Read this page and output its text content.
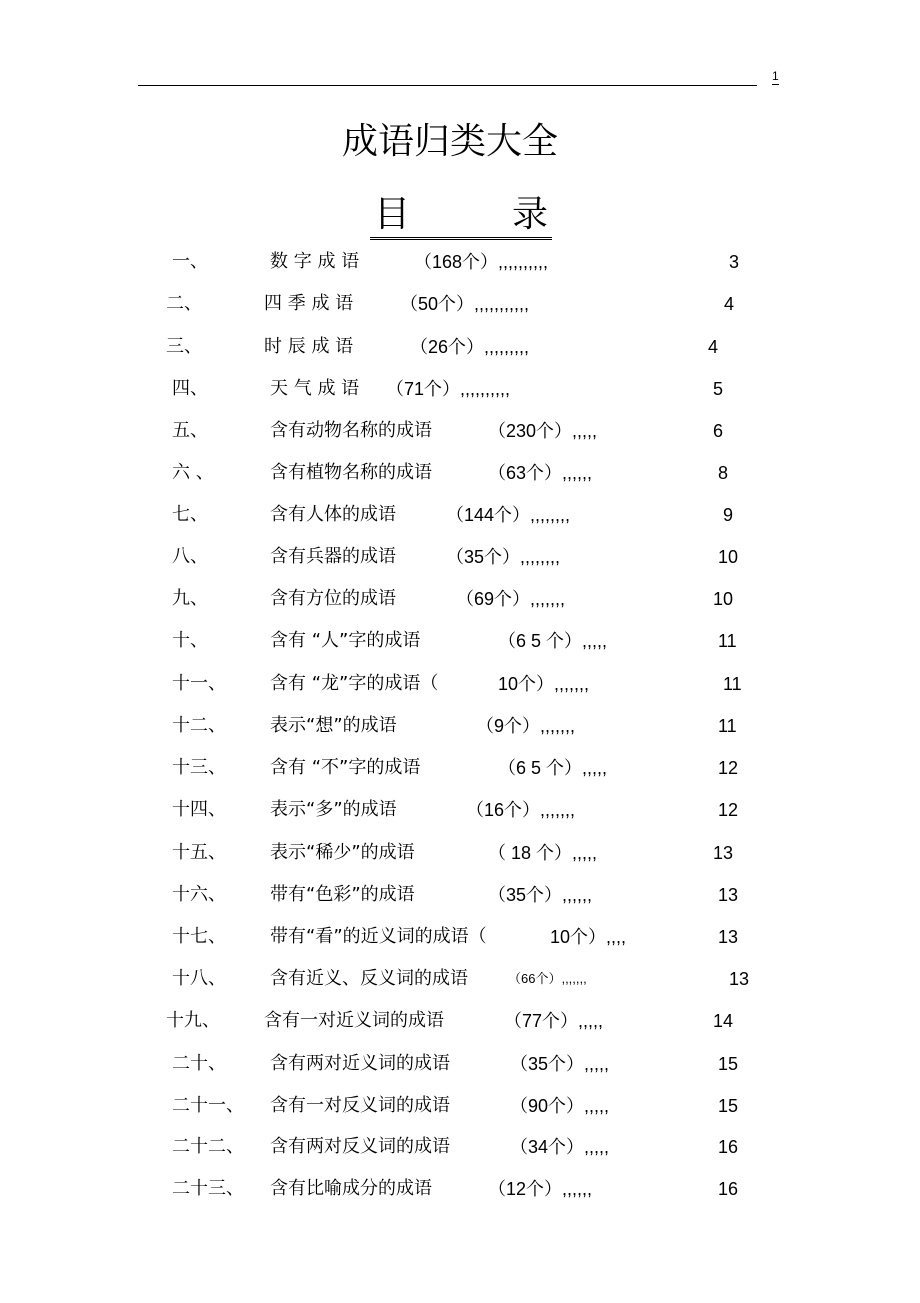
1
成语归类大全
目	录
一、	数 字 成 语	（168个）,,,,,,,,,,	3
二、	四 季 成 语	（50个）,,,,,,,,,,,	4
三、	时 辰 成 语	（26个）,,,,,,,,,	4
四、	天 气 成 语 （71个）,,,,,,,,,,	5
五、	含有动物名称的成语	（230个）,,,,,	6
六 、	含有植物名称的成语	（63个）,,,,,,	8
七、	含有人体的成语	（144个）,,,,,,,,	9
八、	含有兵器的成语	（35个）,,,,,,,,	10
九、	含有方位的成语	（69个）,,,,,,,	10
十、	含有 “人”字的成语	（6 5 个）,,,,,	11
十一、 含有 “龙”字的成语（	10个）,,,,,,,	11
十二、 表示“想”的成语	（9个）,,,,,,,	11
十三、 含有 “不”字的成语	（6 5 个）,,,,,	12
十四、 表示“多”的成语	（16个）,,,,,,,	12
十五、 表示“稀少”的成语	（ 18 个）,,,,,	13
十六、 带有“色彩”的成语	（35个）,,,,,,	13
十七、 带有“看”的近义词的成语（	10个）,,,,	13
十八、 含有近义、反义词的成语	（66个）,,,,,,,	13
十九、 含有一对近义词的成语	（77个）,,,,,	14
二十、 含有两对近义词的成语	（35个）,,,,,	15
二十一、 含有一对反义词的成语	（90个）,,,,,	15
二十二、 含有两对反义词的成语	（34个）,,,,,	16
二十三、 含有比喻成分的成语	（12个）,,,,,,	16
